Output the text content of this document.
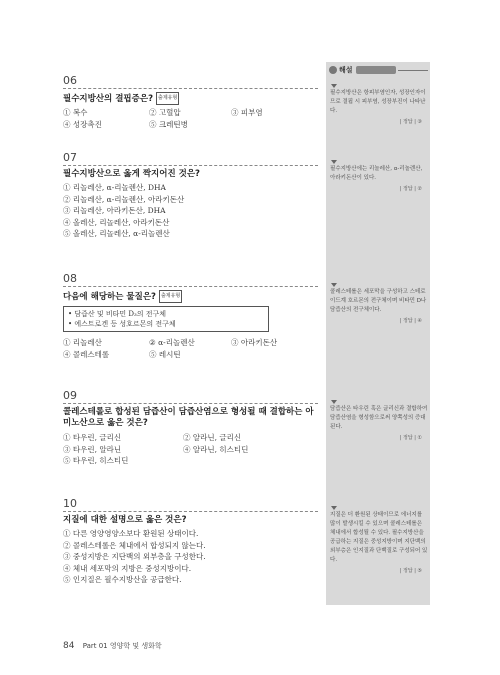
06
필수지방산의 결핍증은? 출제유형
① 복수	② 고혈압	③ 피부염
④ 성장촉진	⑤ 크레틴병
07
필수지방산으로 옳게 짝지어진 것은?
① 리놀레산, α-리놀렌산, DHA
② 리놀레산, α-리놀렌산, 아라키돈산
③ 리놀레산, 아라키돈산, DHA
④ 올레산, 리놀레산, 아라키돈산
⑤ 올레산, 리놀레산, α-리놀렌산
08
다음에 해당하는 물질은? 출제유형
• 담즙산 및 비타민 D₃의 전구체
• 에스트로겐 등 성호르몬의 전구체
① 리놀레산	② α-리놀렌산	③ 아라키돈산
④ 콜레스테롤	⑤ 레시틴
09
콜레스테롤로 합성된 담즙산이 담즙산염으로 형성될 때 결합하는 아미노산으로 옳은 것은?
① 타우린, 글리신	② 알라닌, 글리신
③ 타우린, 알라닌	④ 알라닌, 히스티딘
⑤ 타우린, 히스티딘
10
지질에 대한 설명으로 옳은 것은?
① 다른 영양영양소보다 환원된 상태이다.
② 콜레스테롤은 체내에서 합성되지 않는다.
③ 중성지방은 지단백의 외부층을 구성한다.
④ 체내 세포막의 지방은 중성지방이다.
⑤ 인지질은 필수지방산을 공급한다.
해설
필수지방산은 항피부염인자, 성장인자이므로 결핍 시 피부염, 성장부진이 나타난다.
| 정답 | ③
필수지방산에는 리놀레산, α-리놀렌산, 아라키돈산이 있다.
| 정답 | ②
콜레스테롤은 세포막을 구성하고 스테로이드계 호르몬의 전구체이며 비타민 D나 담즙산의 전구체이다.
| 정답 | ④
담즙산은 타우린 혹은 글리신과 결합하여 담즙산염을 형성함으로써 양쪽성의 증대된다.
| 정답 | ①
지질은 더 환원된 상태이므로 에너지를 많이 발생시킬 수 있으며 콜레스테롤은 체내에서 합성될 수 있다. 필수지방산을 공급하는 지질은 중성지방이며 지단백의 외부층은 인지질과 단백질로 구성되어 있다.
| 정답 | ⑤
84 Part 01 영양학 및 생화학
